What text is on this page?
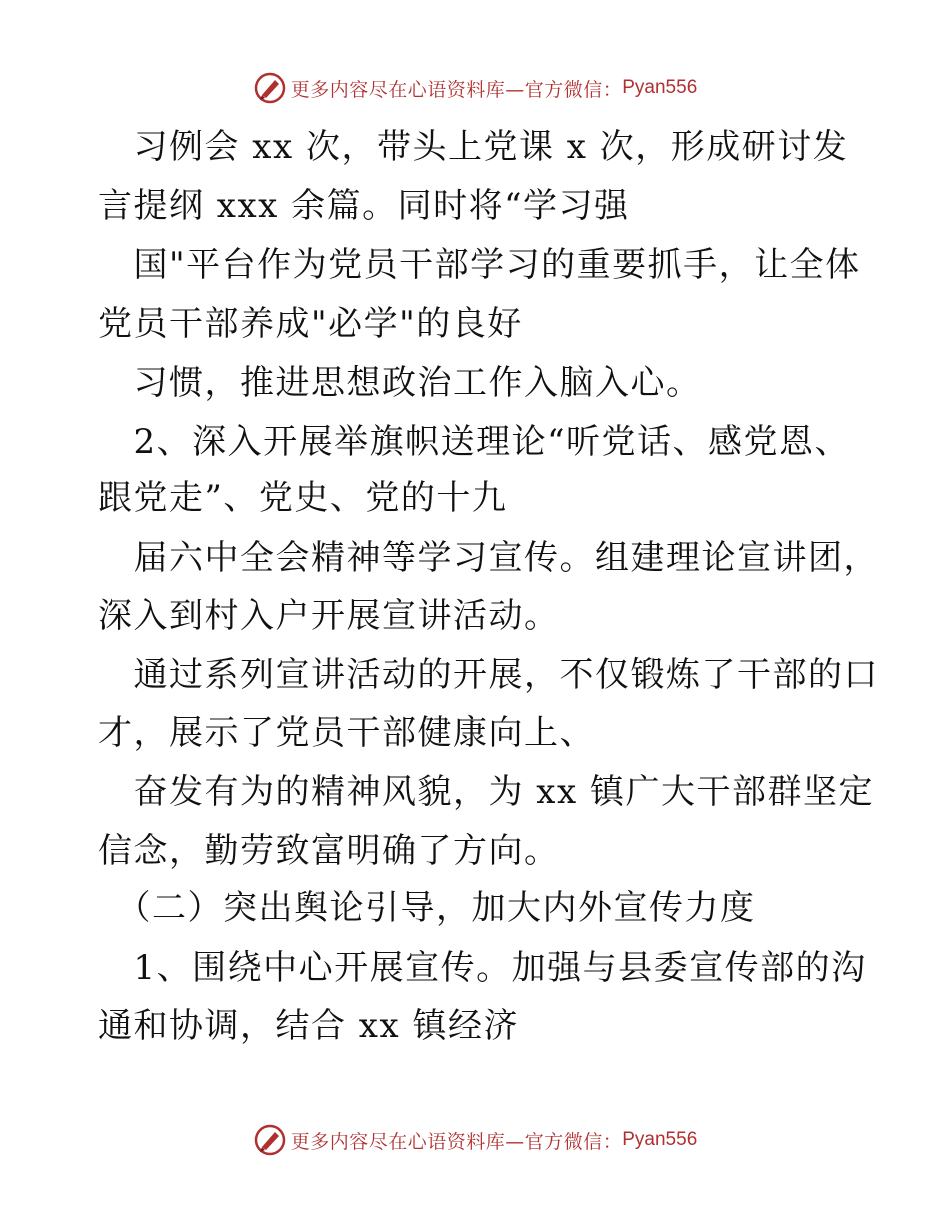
更多内容尽在心语资料库—官方微信： Pyan556
　习例会 xx 次，带头上党课 x 次，形成研讨发
言提纲 xxx 余篇。同时将“学习强
　国"平台作为党员干部学习的重要抓手，让全体
党员干部养成"必学"的良好
　习惯，推进思想政治工作入脑入心。
　2、深入开展举旗帜送理论“听党话、感党恩、
跟党走”、党史、党的十九
　届六中全会精神等学习宣传。组建理论宣讲团，
深入到村入户开展宣讲活动。
　通过系列宣讲活动的开展，不仅锻炼了干部的口
才，展示了党员干部健康向上、
　奋发有为的精神风貌，为 xx 镇广大干部群坚定
信念，勤劳致富明确了方向。
　（二）突出舆论引导，加大内外宣传力度
　1、围绕中心开展宣传。加强与县委宣传部的沟
通和协调，结合 xx 镇经济
更多内容尽在心语资料库—官方微信： Pyan556
